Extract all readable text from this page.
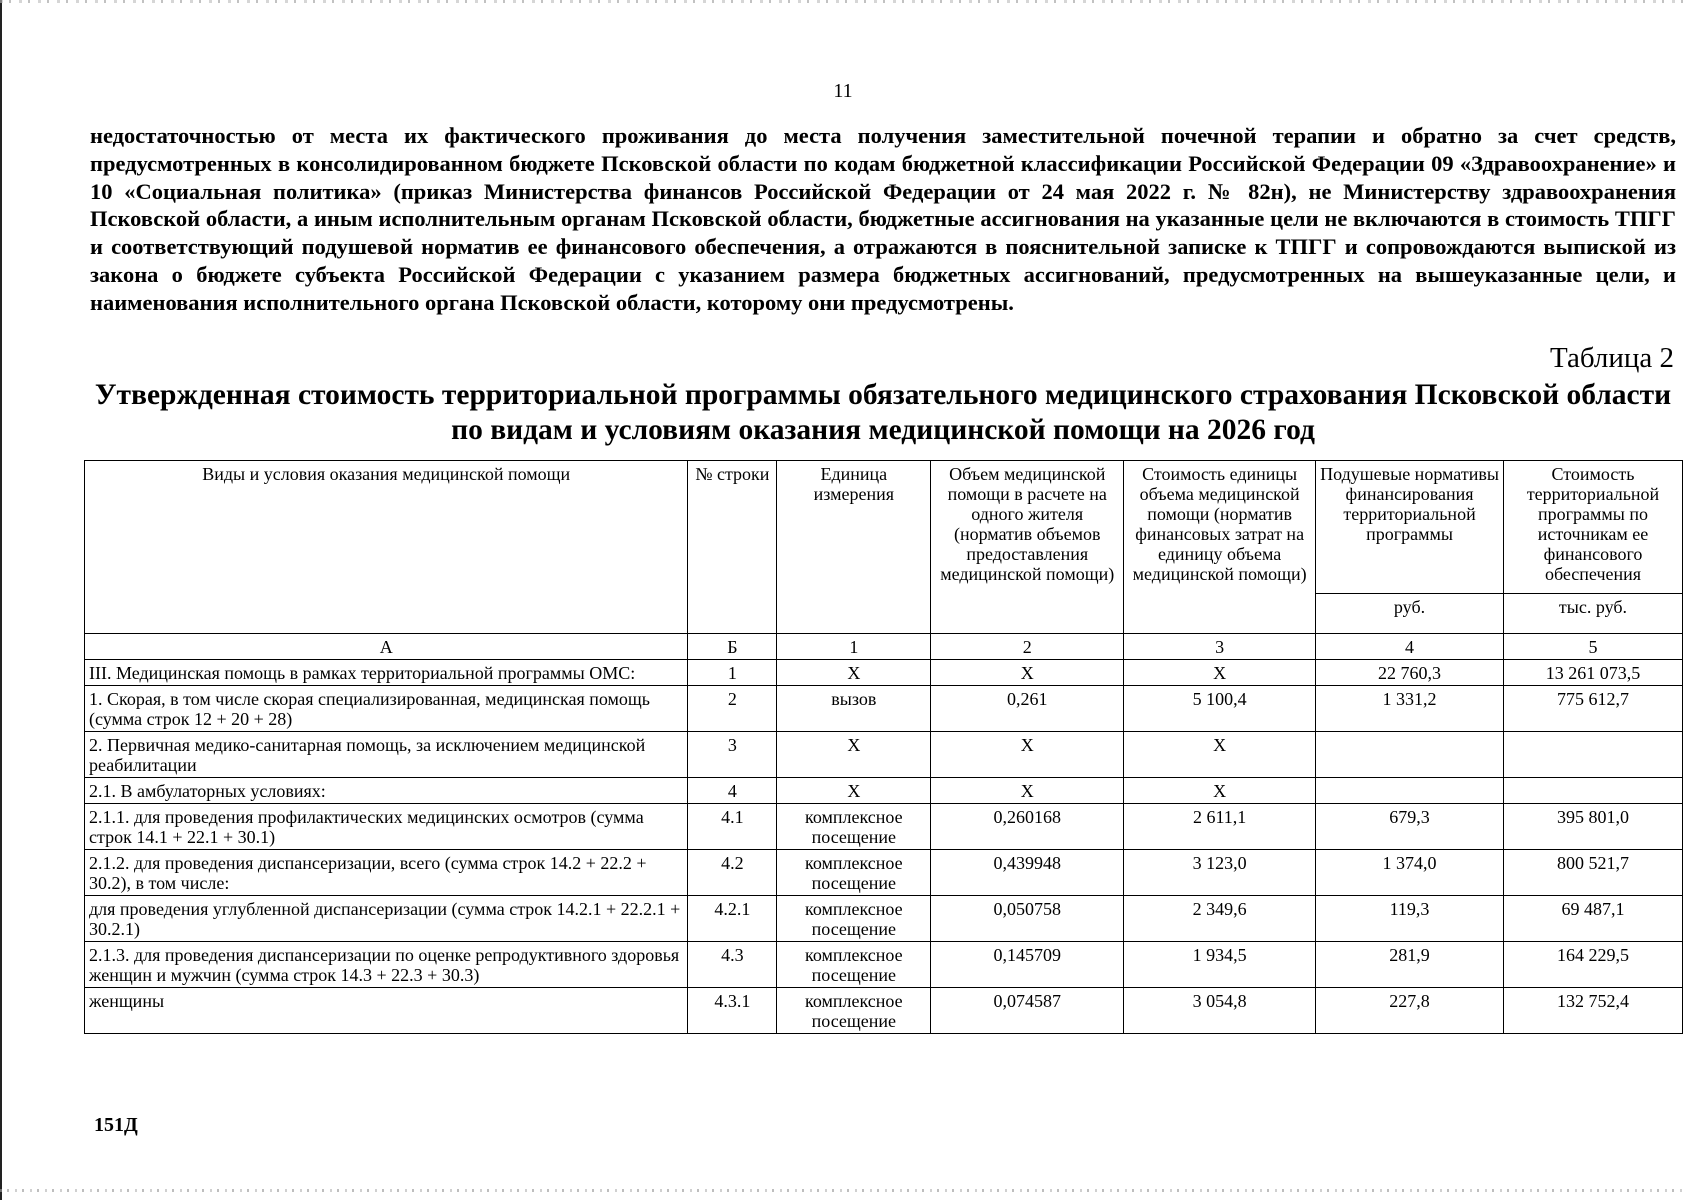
11

недостаточностью от места их фактического проживания до места получения заместительной почечной терапии и обратно за счет средств, предусмотренных в консолидированном бюджете Псковской области по кодам бюджетной классификации Российской Федерации 09 «Здравоохранение» и 10 «Социальная политика» (приказ Министерства финансов Российской Федерации от 24 мая 2022 г. № 82н), не Министерству здравоохранения Псковской области, а иным исполнительным органам Псковской области, бюджетные ассигнования на указанные цели не включаются в стоимость ТПГГ и соответствующий подушевой норматив ее финансового обеспечения, а отражаются в пояснительной записке к ТПГГ и сопровождаются выпиской из закона о бюджете субъекта Российской Федерации с указанием размера бюджетных ассигнований, предусмотренных на вышеуказанные цели, и наименования исполнительного органа Псковской области, которому они предусмотрены.

Таблица 2
Утвержденная стоимость территориальной программы обязательного медицинского страхования Псковской области
по видам и условиям оказания медицинской помощи на 2026 год
Виды и условия оказания медицинской помощи	№ строки	Единица измерения	Объем медицинской помощи в расчете на одного жителя (норматив объемов предоставления медицинской помощи)	Стоимость единицы объема медицинской помощи (норматив финансовых затрат на единицу объема медицинской помощи)	Подушевые нормативы финансирования территориальной программы	Стоимость территориальной программы по источникам ее финансового обеспечения
					руб.	тыс. руб.
А	Б	1	2	3	4	5
III. Медицинская помощь в рамках территориальной программы ОМС:	1	Х	Х	Х	22 760,3	13 261 073,5
1. Скорая, в том числе скорая специализированная, медицинская помощь (сумма строк 12 + 20 + 28)	2	вызов	0,261	5 100,4	1 331,2	775 612,7
2. Первичная медико-санитарная помощь, за исключением медицинской реабилитации	3	Х	Х	Х		
2.1. В амбулаторных условиях:	4	Х	Х	Х		
2.1.1. для проведения профилактических медицинских осмотров (сумма строк 14.1 + 22.1 + 30.1)	4.1	комплексное посещение	0,260168	2 611,1	679,3	395 801,0
2.1.2. для проведения диспансеризации, всего (сумма строк 14.2 + 22.2 + 30.2), в том числе:	4.2	комплексное посещение	0,439948	3 123,0	1 374,0	800 521,7
для проведения углубленной диспансеризации (сумма строк 14.2.1 + 22.2.1 + 30.2.1)	4.2.1	комплексное посещение	0,050758	2 349,6	119,3	69 487,1
2.1.3. для проведения диспансеризации по оценке репродуктивного здоровья женщин и мужчин (сумма строк 14.3 + 22.3 + 30.3)	4.3	комплексное посещение	0,145709	1 934,5	281,9	164 229,5
женщины	4.3.1	комплексное посещение	0,074587	3 054,8	227,8	132 752,4
151Д
